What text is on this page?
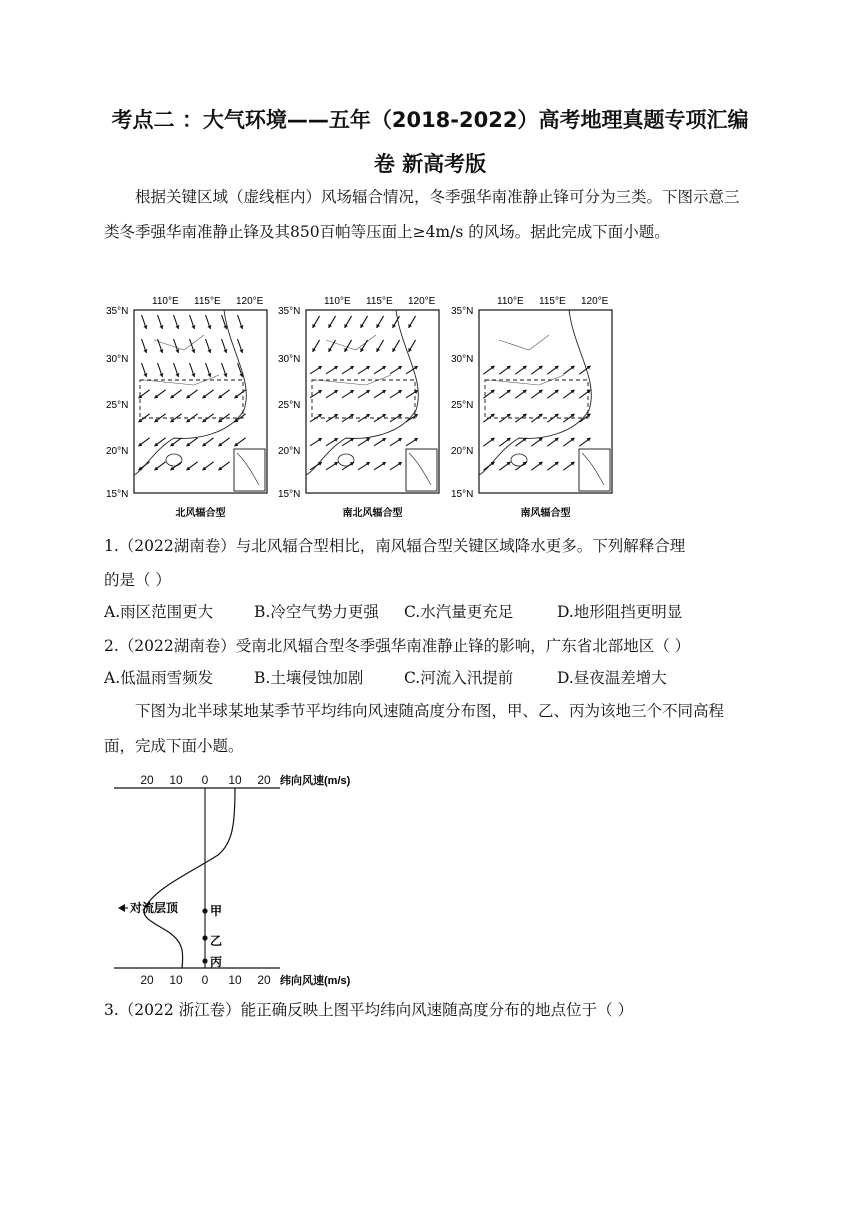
考点二 ：大气环境——五年（2018-2022）高考地理真题专项汇编
卷 新高考版
根据关键区域（虚线框内）风场辐合情况，冬季强华南准静止锋可分为三类。下图示意三类冬季强华南准静止锋及其850百帕等压面上≥4m/s 的风场。据此完成下面小题。
110°E 115°E 120°E
35°N
30°N
25°N
20°N
15°N
北风辐合型
110°E 115°E 120°E
35°N
30°N
25°N
20°N
15°N
南北风辐合型
110°E 115°E 120°E
35°N
30°N
25°N
20°N
15°N
南风辐合型
1.（2022湖南卷）与北风辐合型相比，南风辐合型关键区域降水更多。下列解释合理
的是（ ）
A.雨区范围更大	B.冷空气势力更强 C.水汽量更充足	D.地形阻挡更明显
2.（2022湖南卷）受南北风辐合型冬季强华南准静止锋的影响，广东省北部地区（ ）
A.低温雨雪频发	B.土壤侵蚀加剧	C.河流入汛提前	D.昼夜温差增大
下图为北半球某地某季节平均纬向风速随高度分布图，甲、乙、丙为该地三个不同高程面，完成下面小题。
20 10 0 10 20 纬向风速(m/s)
对流层顶	甲
乙
丙
20 10 0 10 20 纬向风速(m/s)
3.（2022 浙江卷）能正确反映上图平均纬向风速随高度分布的地点位于（ ）
